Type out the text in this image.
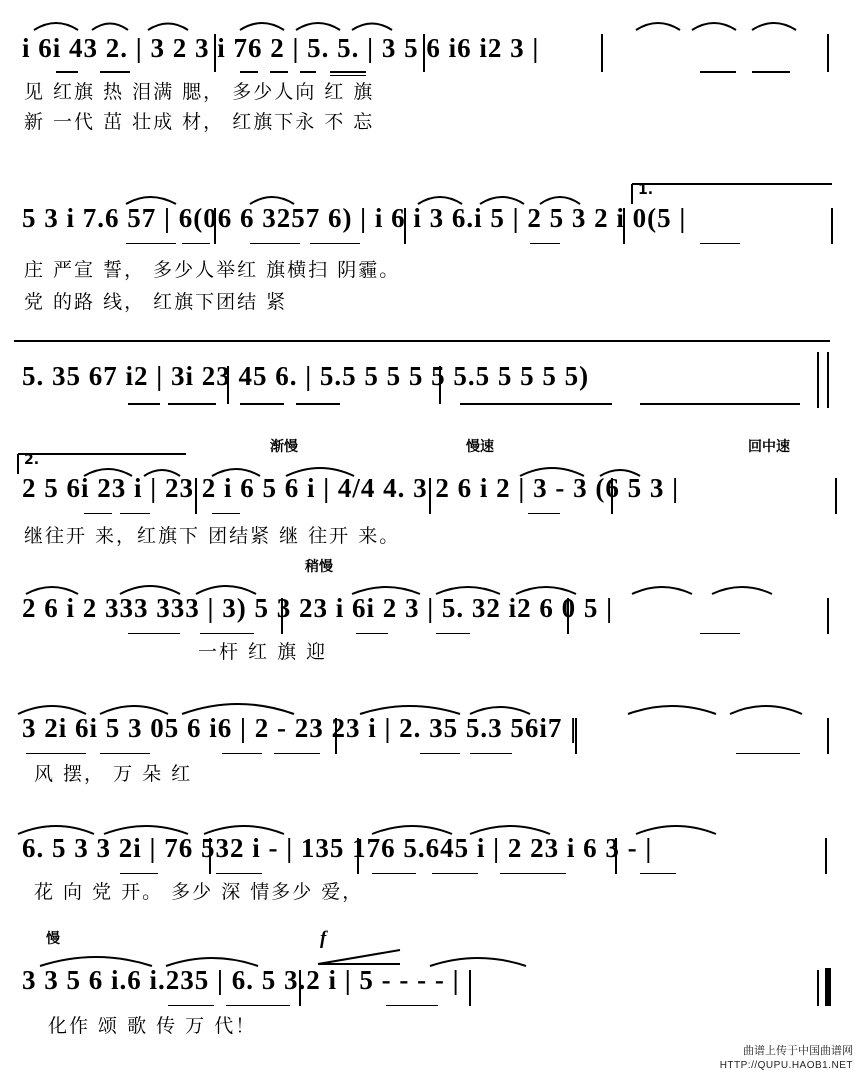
i 6i 43 2. | 3 2 3 i 76 2 | 5. 5. | 3 5 6 i6 i2 3 |
见 红旗 热 泪满 腮， 多少人向 红 旗
新 一代 茁 壮成 材， 红旗下永 不 忘
5 3 i 7.6 57 | 6(06 6 3257 6) | i 6 i 3 6.i 5 | 2 5 3 2 i 0(5 |
1.
庄 严宣 誓， 多少人举红 旗横扫 阴霾。
党 的路 线， 红旗下团结 紧
5. 35 67 i2 | 3i 23 45 6. | 5.5 5 5 5 5 5.5 5 5 5 5)
渐慢	慢速	回中速
2 5 6i 23 i | 23 2 i 6 5 6 i | 4/4 4. 3 2 6 i 2 | 3 - 3 (6 5 3 |
2.
继往开 来，红旗下 团结紧 继 往开 来。
稍慢
2 6 i 2 333 333 | 3) 5 3 23 i 6i 2 3 | 5. 32 i2 6 0 5 |
一杆 红 旗 迎
3 2i 6i 5 3 05 6 i6 | 2 - 23 23 i | 2. 35 5.3 56i7 |
风 摆， 万 朵 红
6. 5 3 3 2i | 76 532 i - | 135 176 5.645 i | 2 23 i 6 3 - |
花 向 党 开。 多少 深 情多少 爱，
慢	f
3 3 5 6 i.6 i.235 | 6. 5 3.2 i | 5 - - - - |
化作 颂 歌 传 万 代！
曲谱上传于中国曲谱网
HTTP://QUPU.HAOB1.NET
